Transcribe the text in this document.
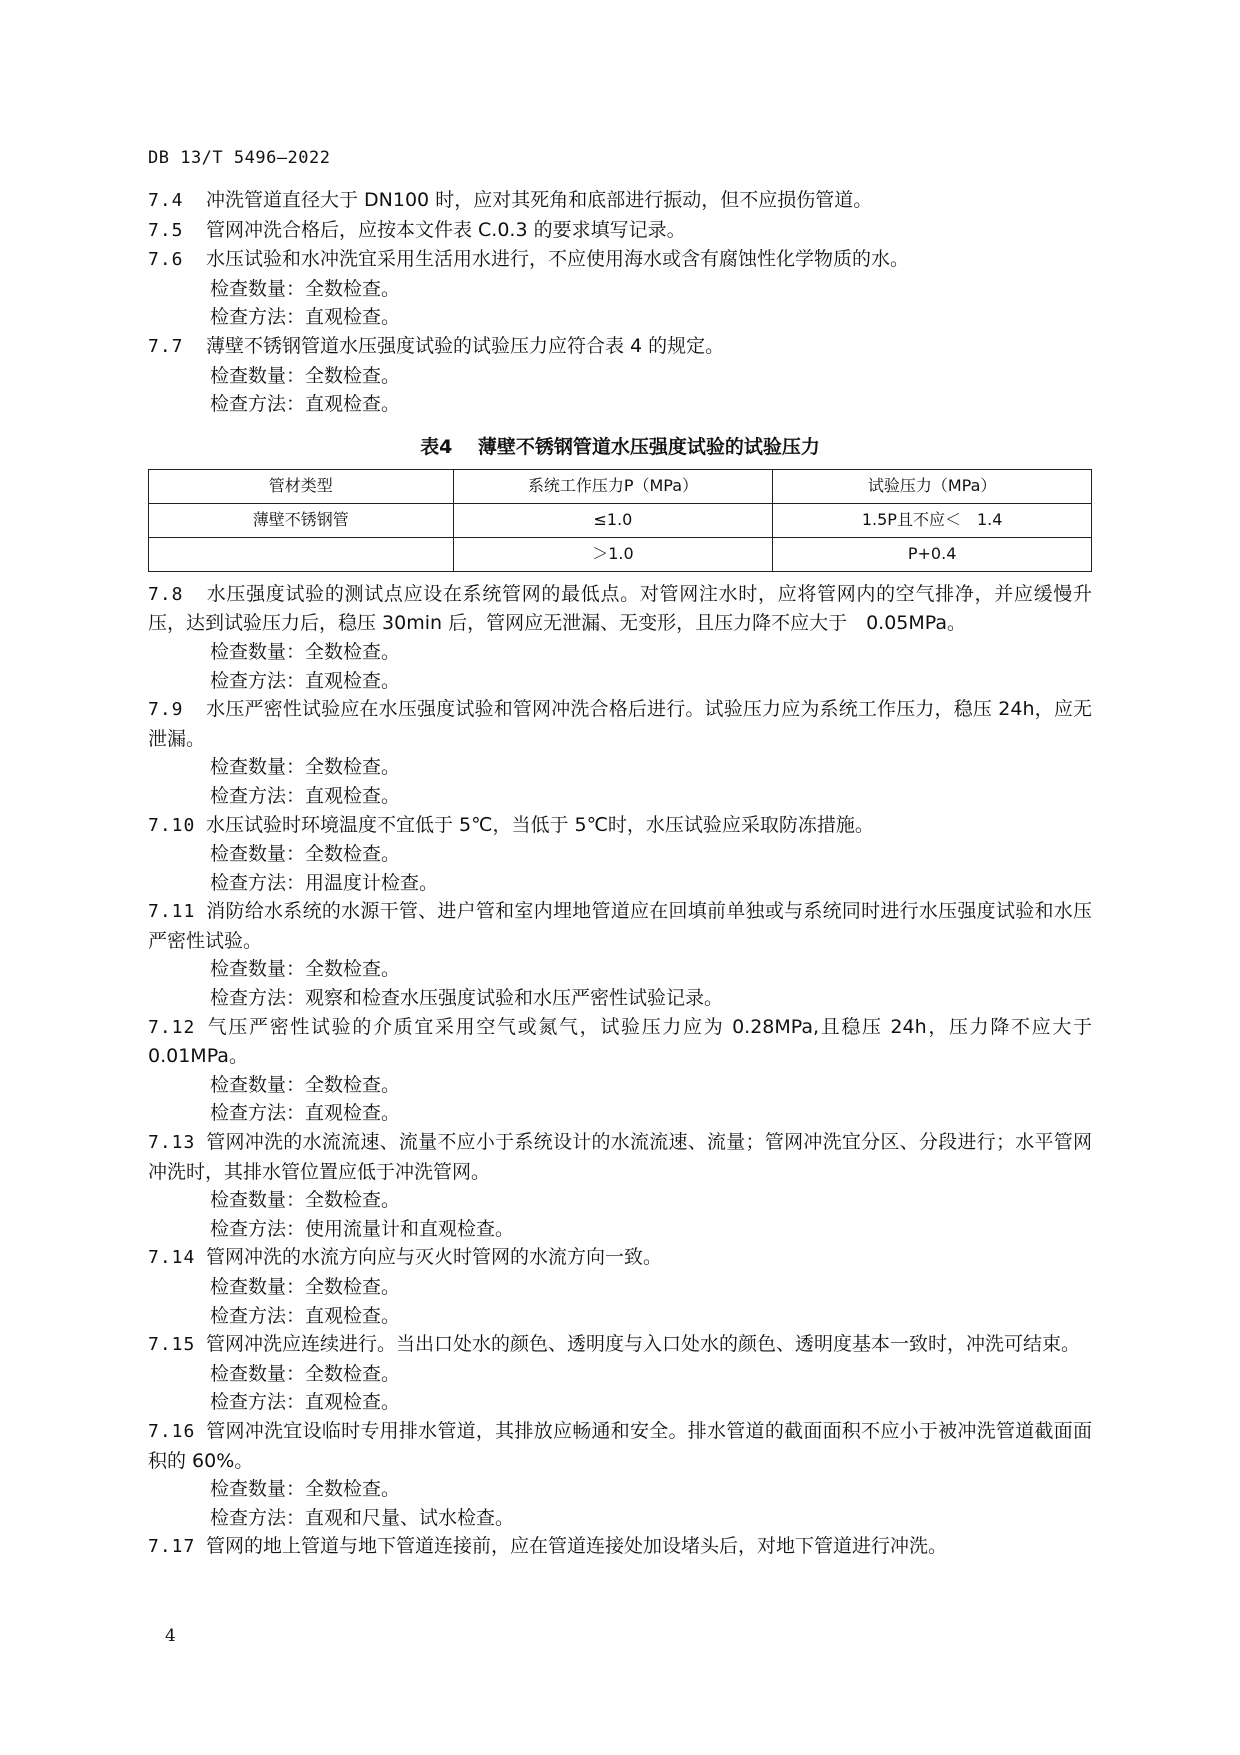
DB 13/T 5496—2022
7.4 冲洗管道直径大于 DN100 时，应对其死角和底部进行振动，但不应损伤管道。
7.5 管网冲洗合格后，应按本文件表 C.0.3 的要求填写记录。
7.6 水压试验和水冲洗宜采用生活用水进行，不应使用海水或含有腐蚀性化学物质的水。
检查数量：全数检查。
检查方法：直观检查。
7.7 薄壁不锈钢管道水压强度试验的试验压力应符合表 4 的规定。
检查数量：全数检查。
检查方法：直观检查。
表4　 薄壁不锈钢管道水压强度试验的试验压力
管材类型	系统工作压力P（MPa）	试验压力（MPa）
薄壁不锈钢管	≤1.0	1.5P且不应＜　1.4
	＞1.0	P+0.4
7.8 水压强度试验的测试点应设在系统管网的最低点。对管网注水时，应将管网内的空气排净，并应缓慢升压，达到试验压力后，稳压 30min 后，管网应无泄漏、无变形，且压力降不应大于　0.05MPa。
检查数量：全数检查。
检查方法：直观检查。
7.9 水压严密性试验应在水压强度试验和管网冲洗合格后进行。试验压力应为系统工作压力，稳压 24h，应无泄漏。
检查数量：全数检查。
检查方法：直观检查。
7.10 水压试验时环境温度不宜低于 5℃，当低于 5℃时，水压试验应采取防冻措施。
检查数量：全数检查。
检查方法：用温度计检查。
7.11 消防给水系统的水源干管、进户管和室内埋地管道应在回填前单独或与系统同时进行水压强度试验和水压严密性试验。
检查数量：全数检查。
检查方法：观察和检查水压强度试验和水压严密性试验记录。
7.12 气压严密性试验的介质宜采用空气或氮气，试验压力应为 0.28MPa,且稳压 24h，压力降不应大于 0.01MPa。
检查数量：全数检查。
检查方法：直观检查。
7.13 管网冲洗的水流流速、流量不应小于系统设计的水流流速、流量；管网冲洗宜分区、分段进行；水平管网冲洗时，其排水管位置应低于冲洗管网。
检查数量：全数检查。
检查方法：使用流量计和直观检查。
7.14 管网冲洗的水流方向应与灭火时管网的水流方向一致。
检查数量：全数检查。
检查方法：直观检查。
7.15 管网冲洗应连续进行。当出口处水的颜色、透明度与入口处水的颜色、透明度基本一致时，冲洗可结束。
检查数量：全数检查。
检查方法：直观检查。
7.16 管网冲洗宜设临时专用排水管道，其排放应畅通和安全。排水管道的截面面积不应小于被冲洗管道截面面积的 60%。
检查数量：全数检查。
检查方法：直观和尺量、试水检查。
7.17 管网的地上管道与地下管道连接前，应在管道连接处加设堵头后，对地下管道进行冲洗。
4
